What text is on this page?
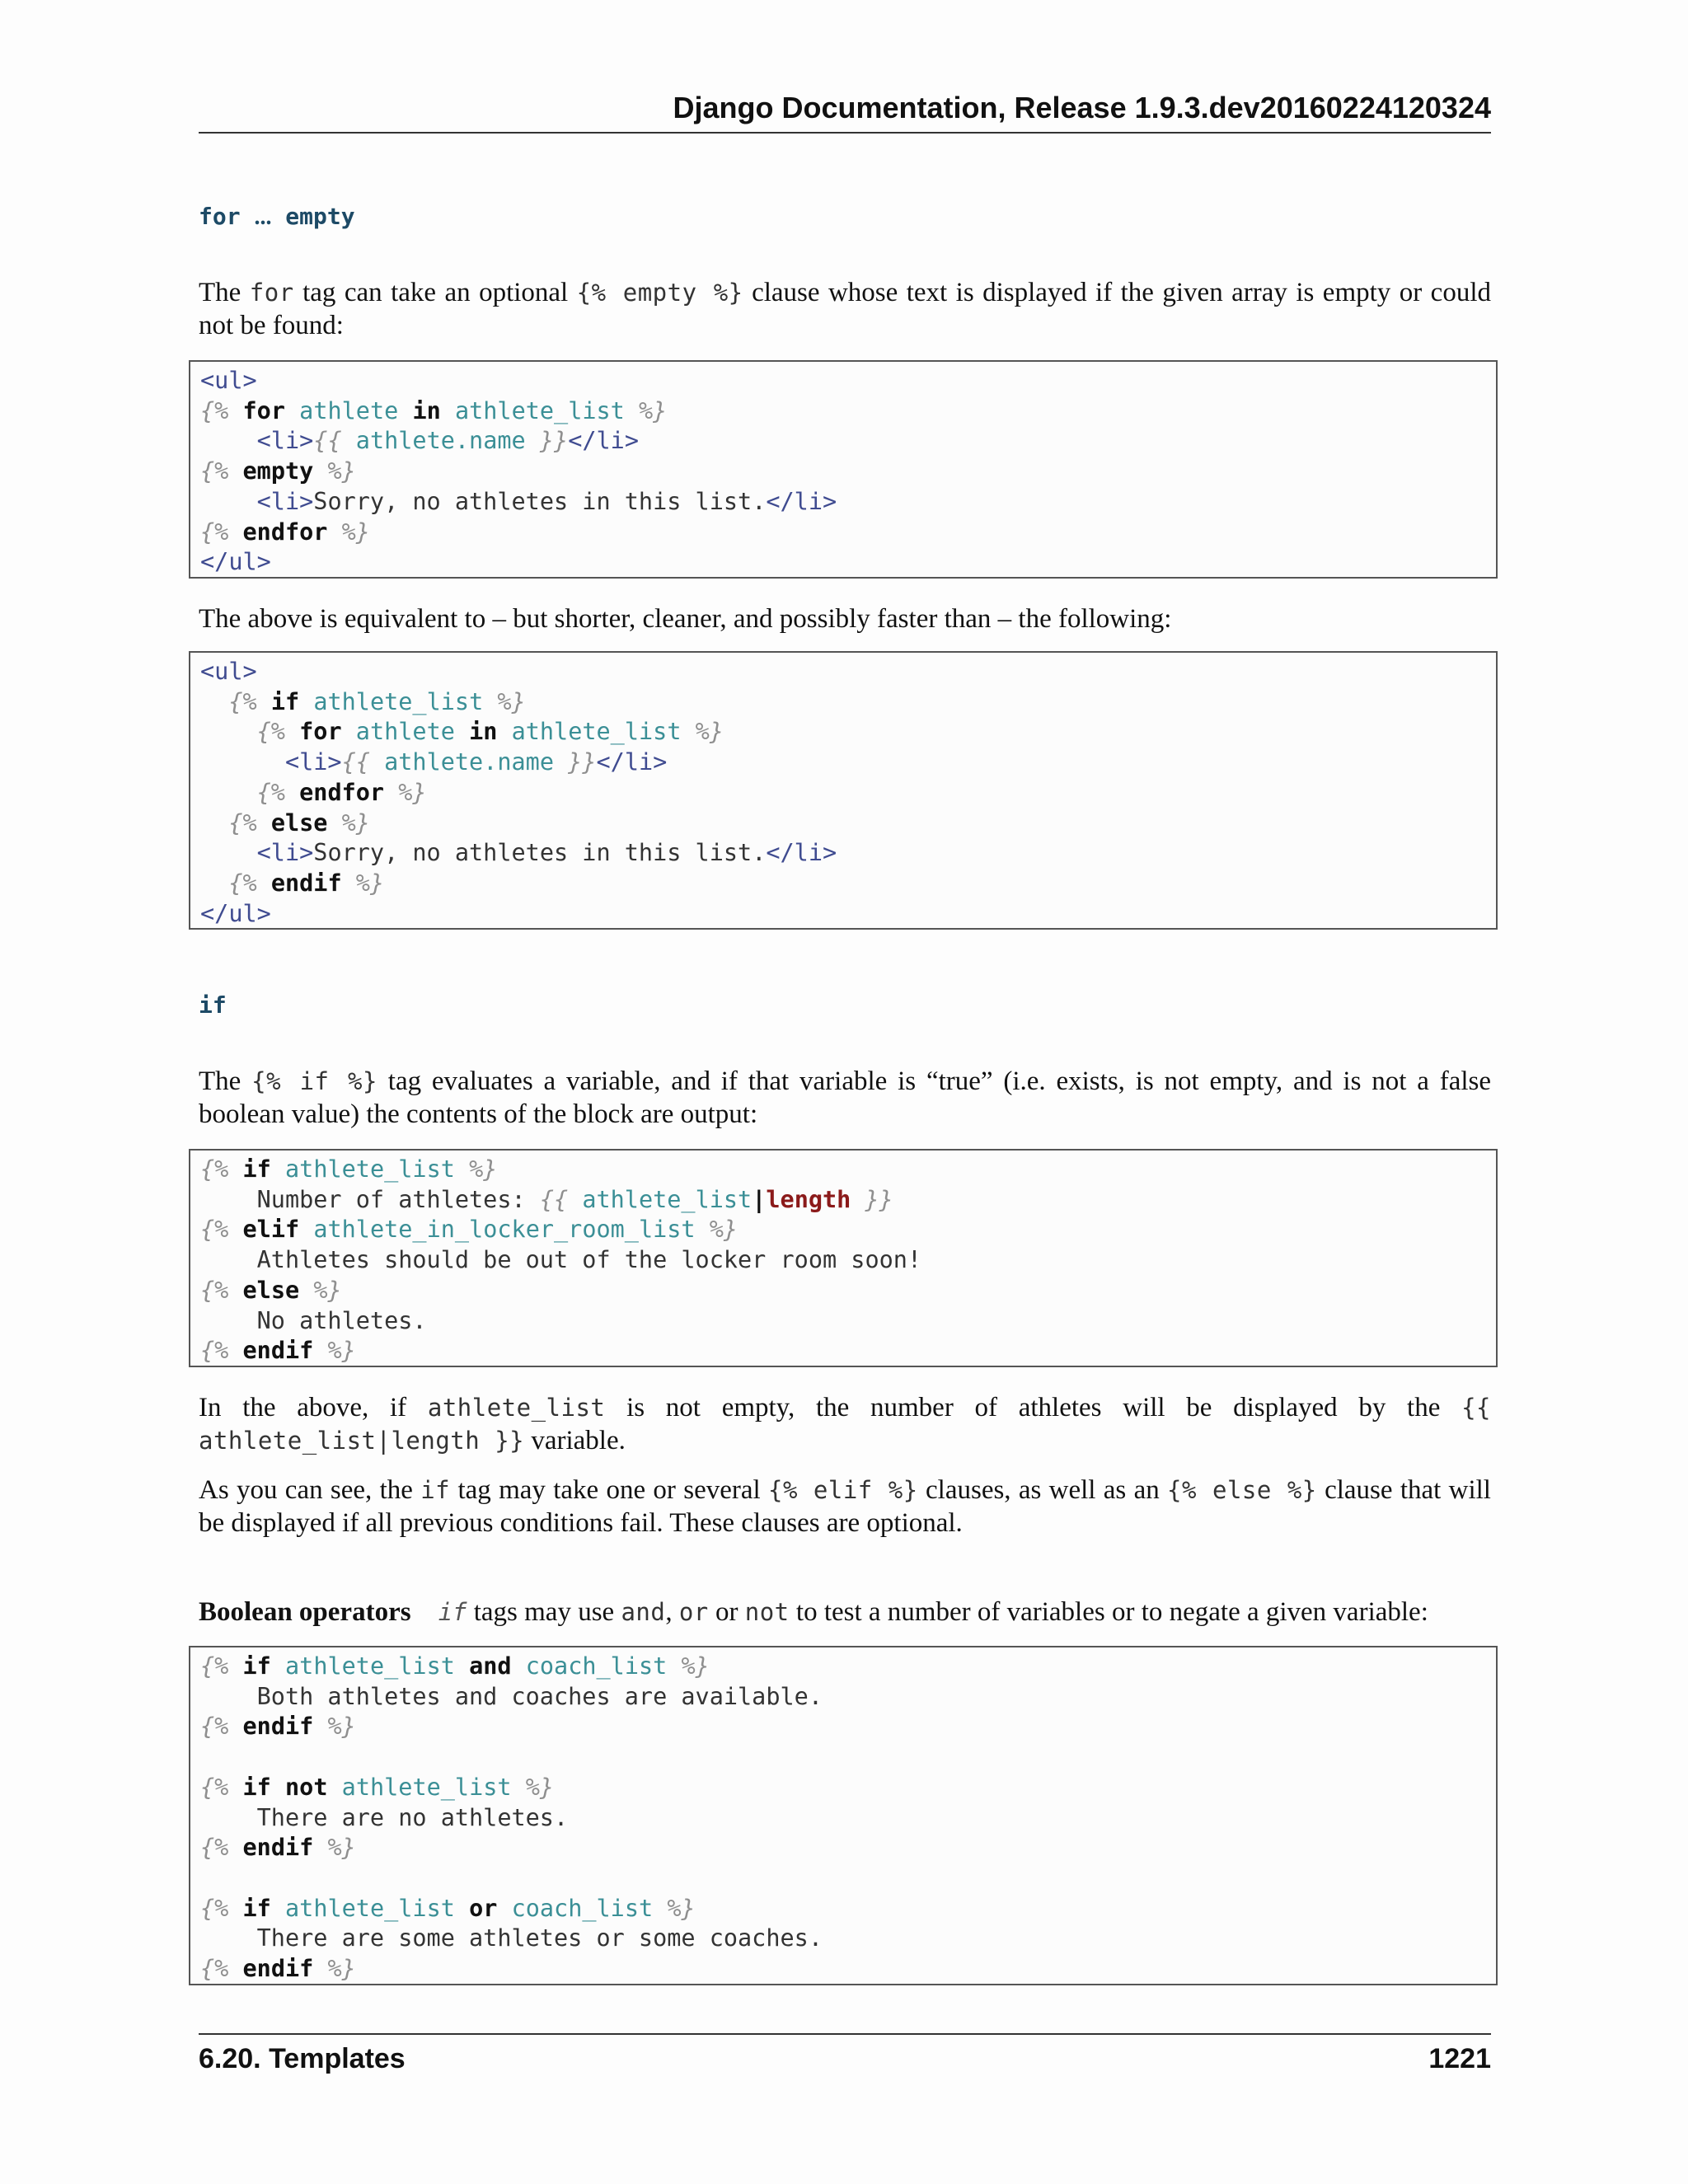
Django Documentation, Release 1.9.3.dev20160224120324
for ... empty
The for tag can take an optional {% empty %} clause whose text is displayed if the given array is empty or could not be found:
<ul>
{% for athlete in athlete_list %}
<li>{{ athlete.name }}</li>
{% empty %}
<li>Sorry, no athletes in this list.</li>
{% endfor %}
</ul>
The above is equivalent to – but shorter, cleaner, and possibly faster than – the following:
<ul>
{% if athlete_list %}
{% for athlete in athlete_list %}
<li>{{ athlete.name }}</li>
{% endfor %}
{% else %}
<li>Sorry, no athletes in this list.</li>
{% endif %}
</ul>
if
The {% if %} tag evaluates a variable, and if that variable is “true” (i.e. exists, is not empty, and is not a false boolean value) the contents of the block are output:
{% if athlete_list %}
Number of athletes: {{ athlete_list|length }}
{% elif athlete_in_locker_room_list %}
Athletes should be out of the locker room soon!
{% else %}
No athletes.
{% endif %}
In the above, if athlete_list is not empty, the number of athletes will be displayed by the {{ athlete_list|length }} variable.
As you can see, the if tag may take one or several {% elif %} clauses, as well as an {% else %} clause that will be displayed if all previous conditions fail. These clauses are optional.
Boolean operators if tags may use and, or or not to test a number of variables or to negate a given variable:
{% if athlete_list and coach_list %}
Both athletes and coaches are available.
{% endif %}

{% if not athlete_list %}
There are no athletes.
{% endif %}

{% if athlete_list or coach_list %}
There are some athletes or some coaches.
{% endif %}
6.20. Templates	1221
